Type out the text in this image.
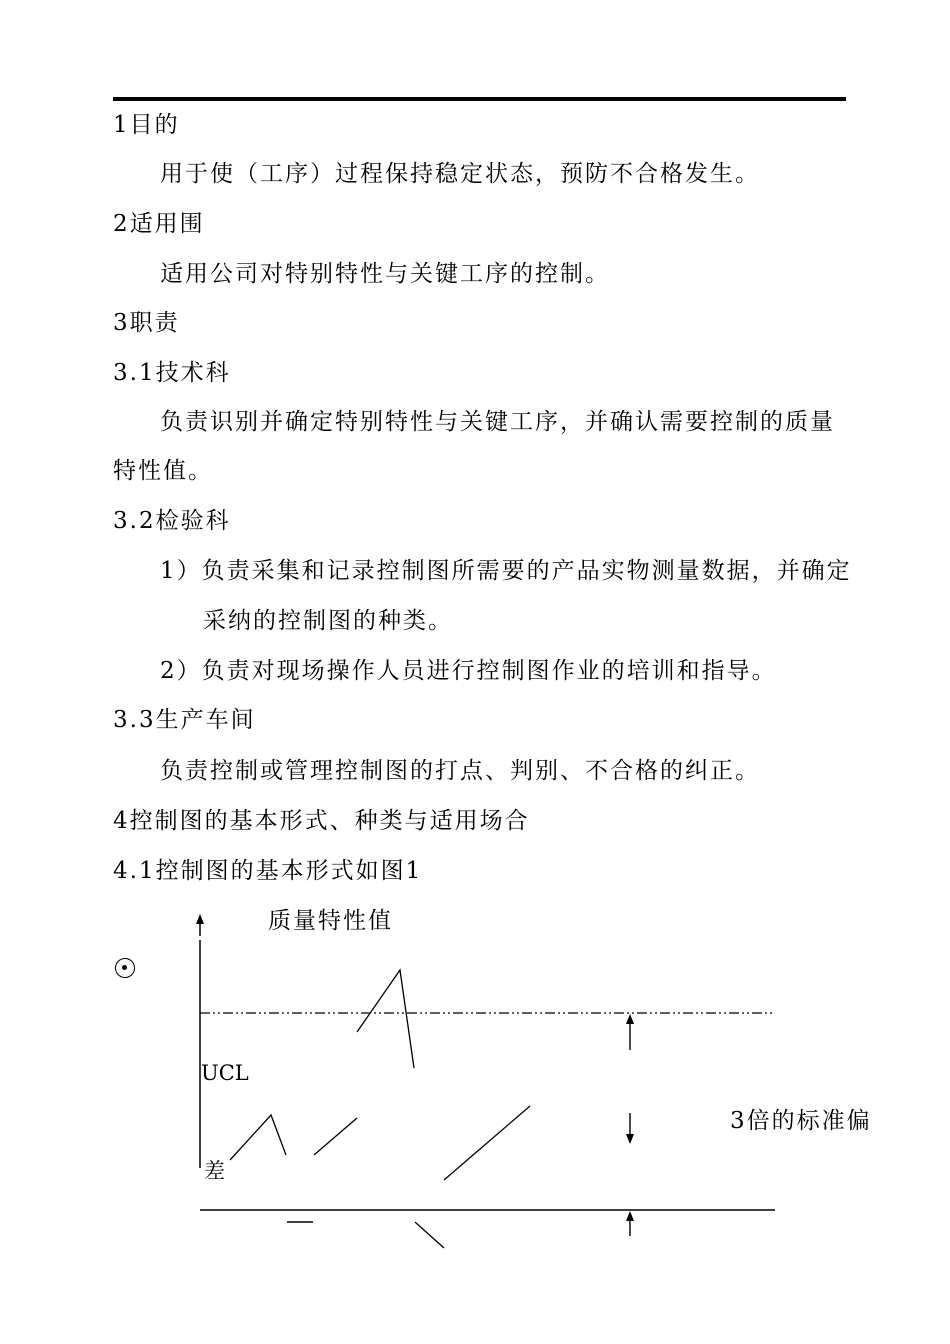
1目的
用于使（工序）过程保持稳定状态，预防不合格发生。
2适用围
适用公司对特别特性与关键工序的控制。
3职责
3.1技术科
负责识别并确定特别特性与关键工序，并确认需要控制的质量
特性值。
3.2检验科
1）负责采集和记录控制图所需要的产品实物测量数据，并确定
采纳的控制图的种类。
2）负责对现场操作人员进行控制图作业的培训和指导。
3.3生产车间
负责控制或管理控制图的打点、判别、不合格的纠正。
4控制图的基本形式、种类与适用场合
4.1控制图的基本形式如图1
质量特性值
UCL
差
3倍的标准偏
